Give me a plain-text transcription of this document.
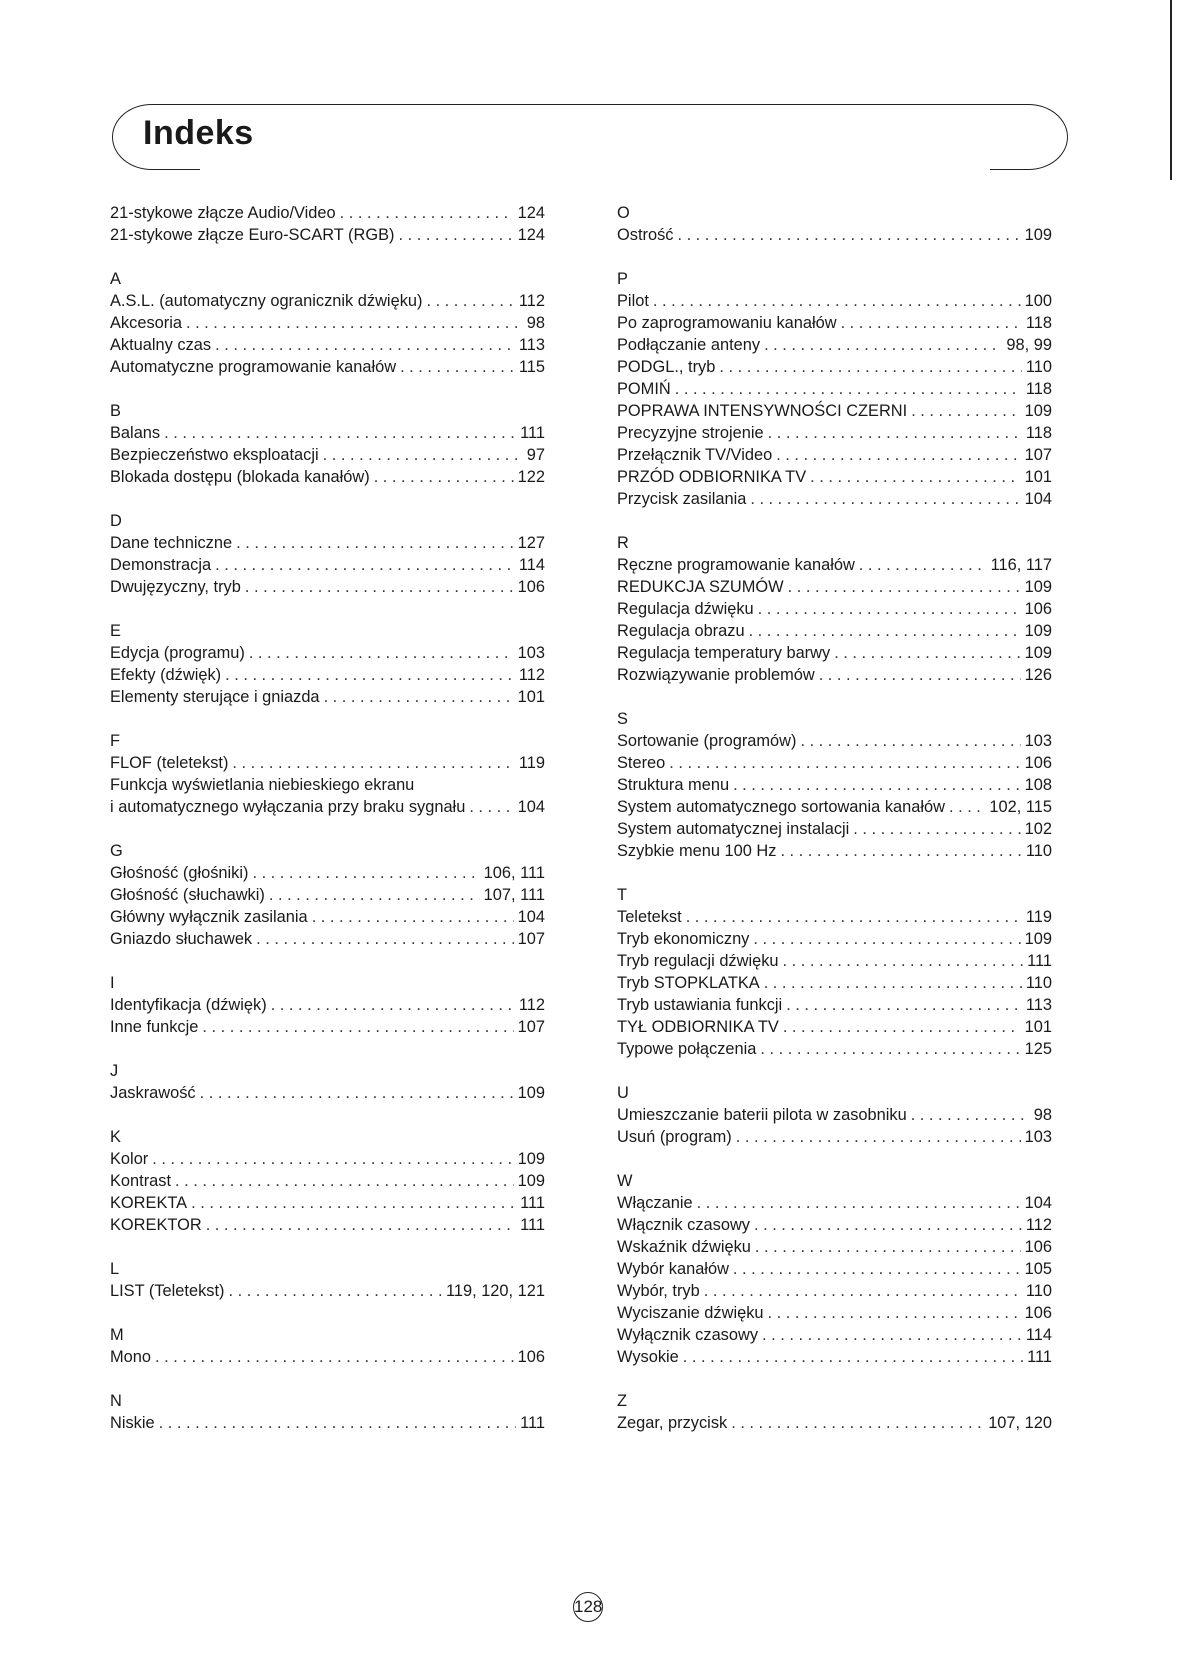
Indeks
21-stykowe złącze Audio/Video . . .	124
21-stykowe złącze Euro-SCART (RGB) . . .	124
A
A.S.L. (automatyczny ogranicznik dźwięku) . . .	112
Akcesoria . . .	98
Aktualny czas . . .	113
Automatyczne programowanie kanałów . . .	115
B
Balans . . .	111
Bezpieczeństwo eksploatacji . . .	97
Blokada dostępu (blokada kanałów) . . .	122
D
Dane techniczne . . .	127
Demonstracja . . .	114
Dwujęzyczny, tryb . . .	106
E
Edycja (programu) . . .	103
Efekty (dźwięk) . . .	112
Elementy sterujące i gniazda . . .	101
F
FLOF (teletekst) . . .	119
Funkcja wyświetlania niebieskiego ekranu
i automatycznego wyłączania przy braku sygnału . . .	104
G
Głośność (głośniki) . . .	106, 111
Głośność (słuchawki) . . .	107, 111
Główny wyłącznik zasilania . . .	104
Gniazdo słuchawek . . .	107
I
Identyfikacja (dźwięk) . . .	112
Inne funkcje . . .	107
J
Jaskrawość . . .	109
K
Kolor . . .	109
Kontrast . . .	109
KOREKTA . . .	111
KOREKTOR . . .	111
L
LIST (Teletekst) . . .	119, 120, 121
M
Mono . . .	106
N
Niskie . . .	111
O
Ostrość . . .	109
P
Pilot . . .	100
Po zaprogramowaniu kanałów . . .	118
Podłączanie anteny . . .	98, 99
PODGL., tryb . . .	110
POMIŃ . . .	118
POPRAWA INTENSYWNOŚCI CZERNI . . .	109
Precyzyjne strojenie . . .	118
Przełącznik TV/Video . . .	107
PRZÓD ODBIORNIKA TV . . .	101
Przycisk zasilania . . .	104
R
Ręczne programowanie kanałów . . .	116, 117
REDUKCJA SZUMÓW . . .	109
Regulacja dźwięku . . .	106
Regulacja obrazu . . .	109
Regulacja temperatury barwy . . .	109
Rozwiązywanie problemów . . .	126
S
Sortowanie (programów) . . .	103
Stereo . . .	106
Struktura menu . . .	108
System automatycznego sortowania kanałów . . .	102, 115
System automatycznej instalacji . . .	102
Szybkie menu 100 Hz . . .	110
T
Teletekst . . .	119
Tryb ekonomiczny . . .	109
Tryb regulacji dźwięku . . .	111
Tryb STOPKLATKA . . .	110
Tryb ustawiania funkcji . . .	113
TYŁ ODBIORNIKA TV . . .	101
Typowe połączenia . . .	125
U
Umieszczanie baterii pilota w zasobniku . . .	98
Usuń (program) . . .	103
W
Włączanie . . .	104
Włącznik czasowy . . .	112
Wskaźnik dźwięku . . .	106
Wybór kanałów . . .	105
Wybór, tryb . . .	110
Wyciszanie dźwięku . . .	106
Wyłącznik czasowy . . .	114
Wysokie . . .	111
Z
Zegar, przycisk . . .	107, 120
128
